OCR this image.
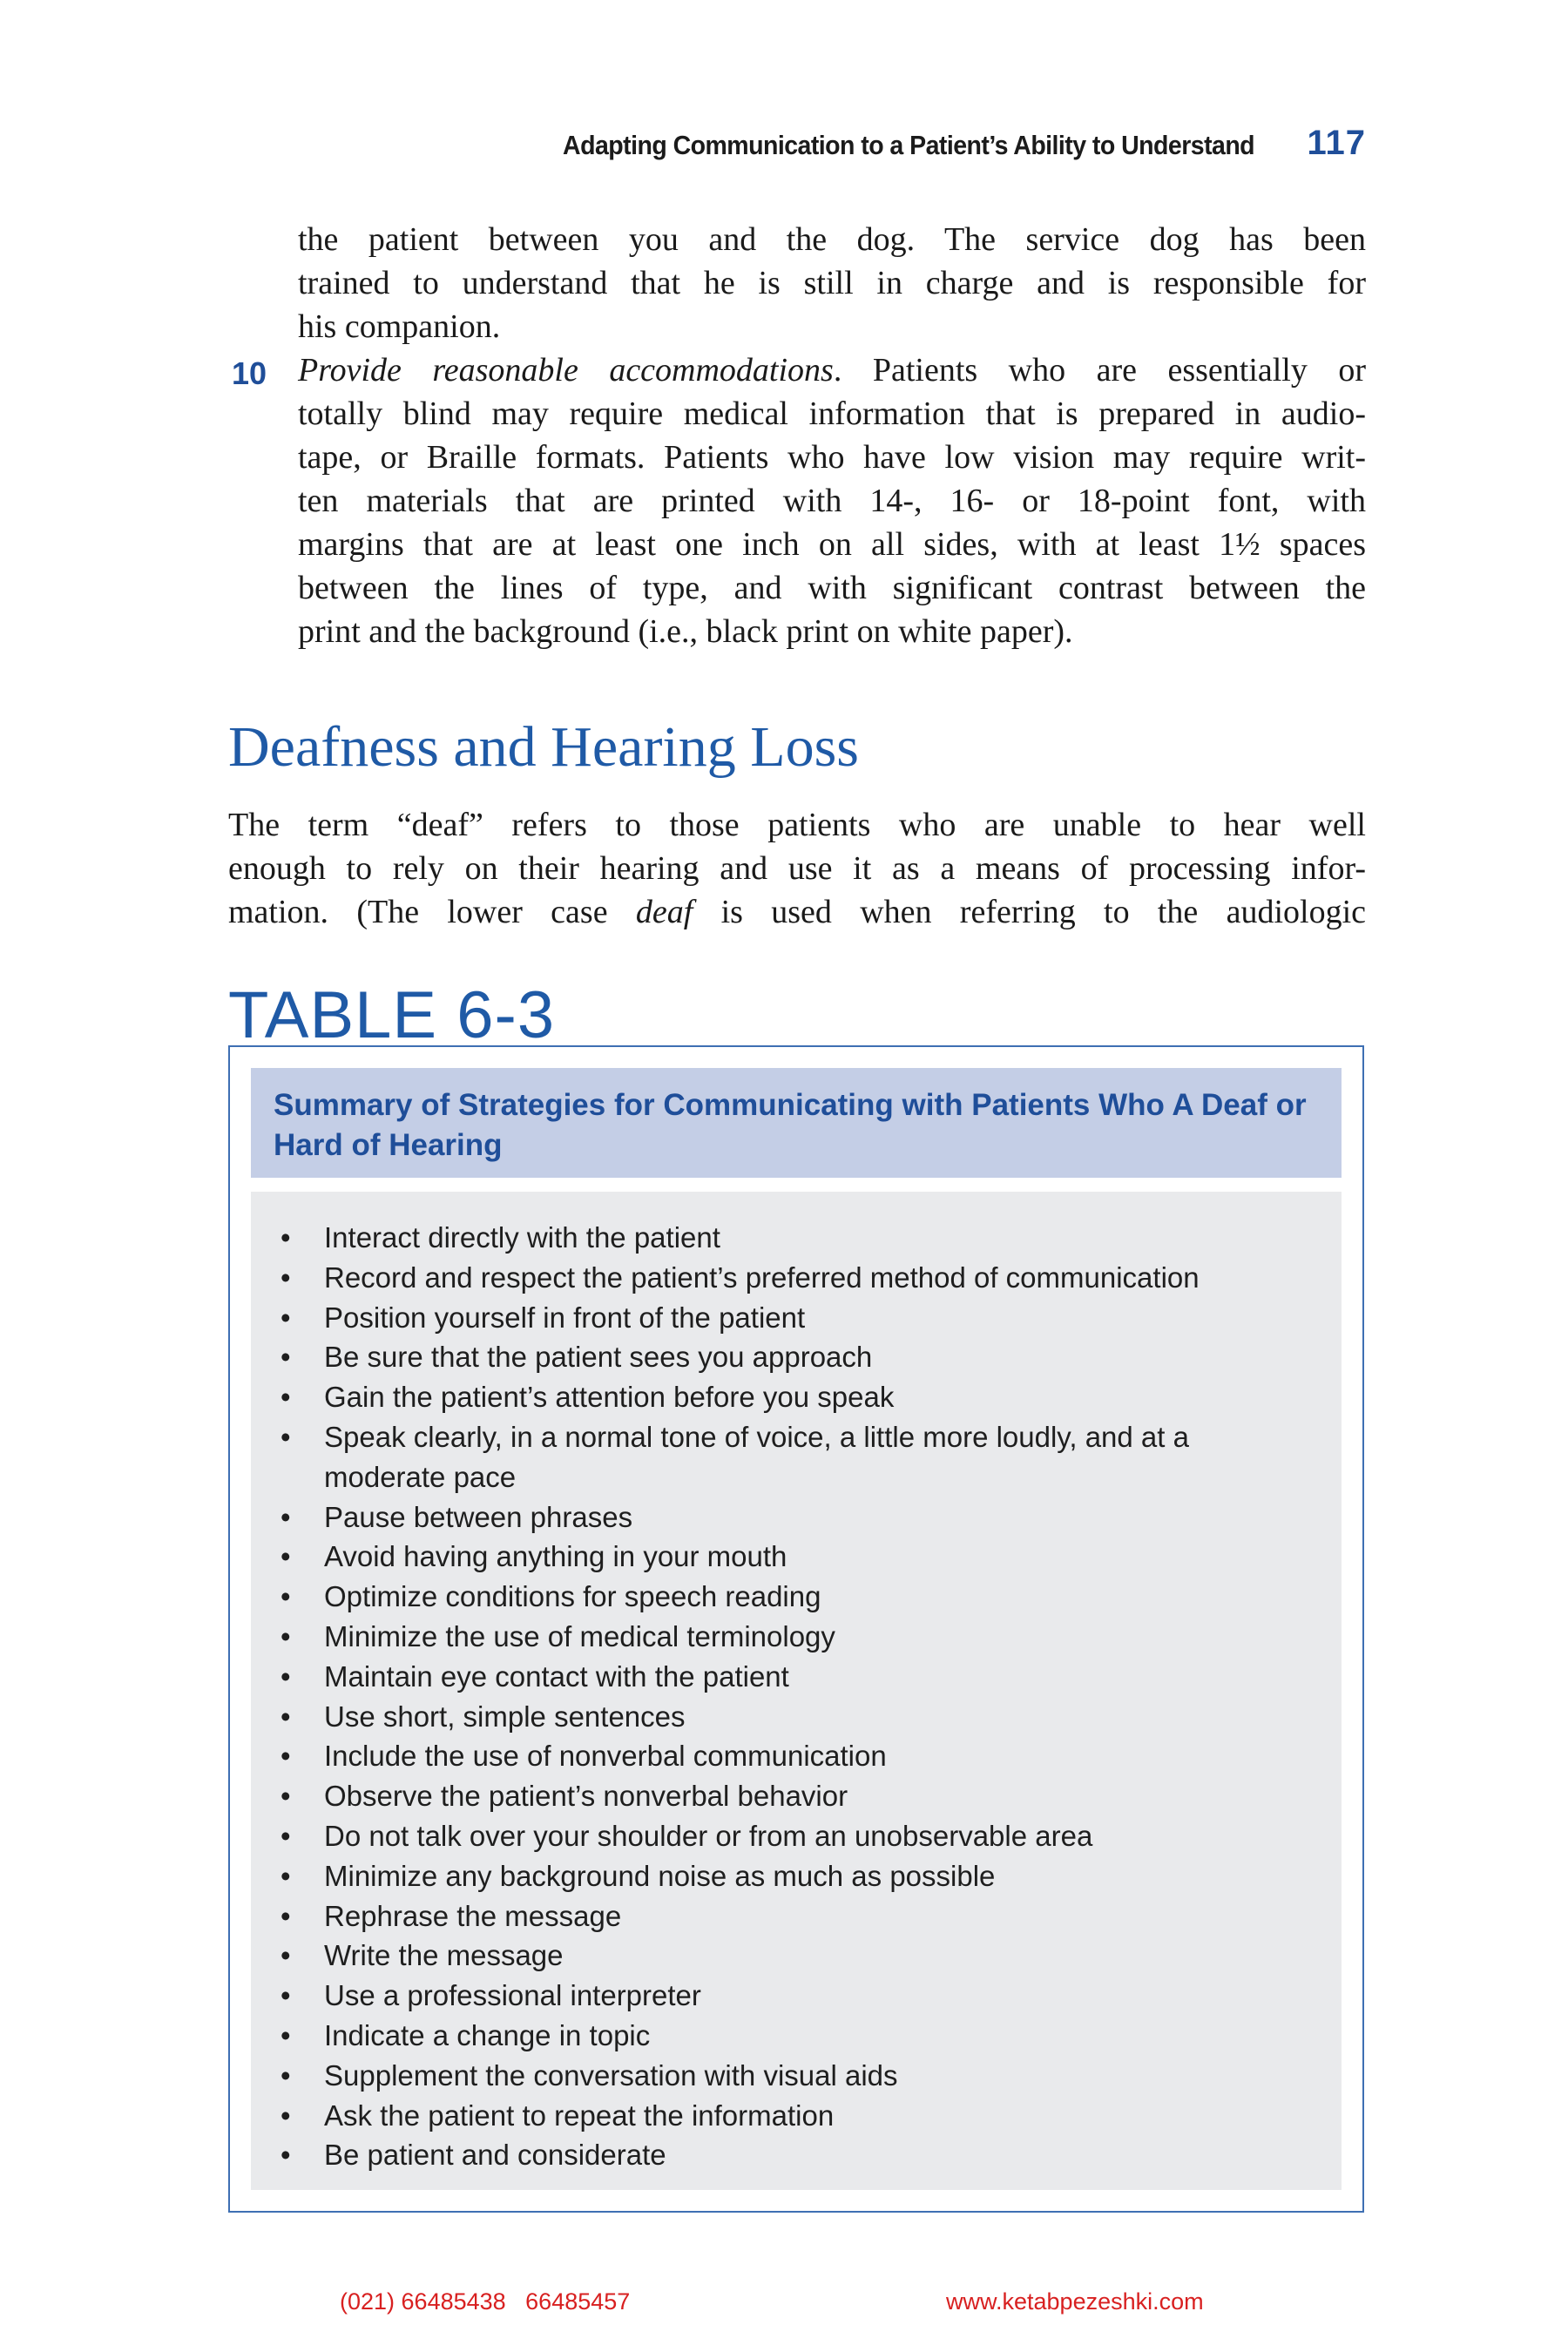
Adapting Communication to a Patient’s Ability to Understand 117
the patient between you and the dog. The service dog has been
trained to understand that he is still in charge and is responsible for
his companion.
10 Provide reasonable accommodations. Patients who are essentially or
totally blind may require medical information that is prepared in audio-
tape, or Braille formats. Patients who have low vision may require writ-
ten materials that are printed with 14-, 16- or 18-point font, with
margins that are at least one inch on all sides, with at least 1½ spaces
between the lines of type, and with significant contrast between the
print and the background (i.e., black print on white paper).
Deafness and Hearing Loss
The term “deaf” refers to those patients who are unable to hear well
enough to rely on their hearing and use it as a means of processing infor-
mation. (The lower case deaf is used when referring to the audiologic
TABLE 6-3
Summary of Strategies for Communicating with Patients Who A Deaf or
Hard of Hearing
• Interact directly with the patient
• Record and respect the patient’s preferred method of communication
• Position yourself in front of the patient
• Be sure that the patient sees you approach
• Gain the patient’s attention before you speak
• Speak clearly, in a normal tone of voice, a little more loudly, and at a
moderate pace
• Pause between phrases
• Avoid having anything in your mouth
• Optimize conditions for speech reading
• Minimize the use of medical terminology
• Maintain eye contact with the patient
• Use short, simple sentences
• Include the use of nonverbal communication
• Observe the patient’s nonverbal behavior
• Do not talk over your shoulder or from an unobservable area
• Minimize any background noise as much as possible
• Rephrase the message
• Write the message
• Use a professional interpreter
• Indicate a change in topic
• Supplement the conversation with visual aids
• Ask the patient to repeat the information
• Be patient and considerate
(021) 66485438   66485457	www.ketabpezeshki.com
